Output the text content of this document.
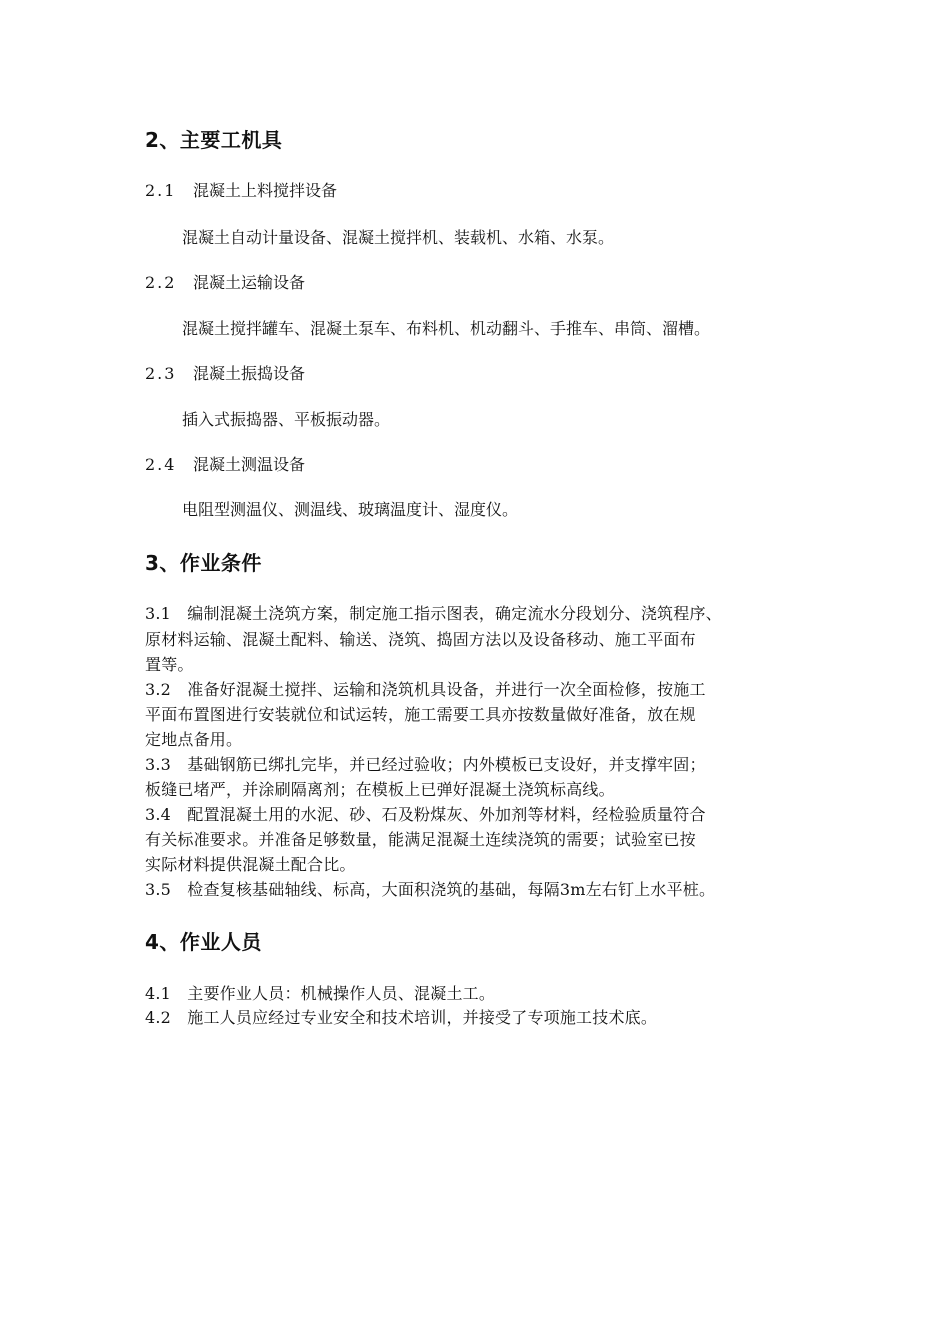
2、主要工机具
2.1 混凝土上料搅拌设备
混凝土自动计量设备、混凝土搅拌机、装载机、水箱、水泵。
2.2 混凝土运输设备
混凝土搅拌罐车、混凝土泵车、布料机、机动翻斗、手推车、串筒、溜槽。
2.3 混凝土振捣设备
插入式振捣器、平板振动器。
2.4 混凝土测温设备
电阻型测温仪、测温线、玻璃温度计、湿度仪。
3、作业条件
3.1　编制混凝土浇筑方案，制定施工指示图表，确定流水分段划分、浇筑程序、
原材料运输、混凝土配料、输送、浇筑、捣固方法以及设备移动、施工平面布
置等。
3.2　准备好混凝土搅拌、运输和浇筑机具设备，并进行一次全面检修，按施工
平面布置图进行安装就位和试运转，施工需要工具亦按数量做好准备，放在规
定地点备用。
3.3　基础钢筋已绑扎完毕，并已经过验收；内外模板已支设好，并支撑牢固；
板缝已堵严，并涂刷隔离剂；在模板上已弹好混凝土浇筑标高线。
3.4　配置混凝土用的水泥、砂、石及粉煤灰、外加剂等材料，经检验质量符合
有关标准要求。并准备足够数量，能满足混凝土连续浇筑的需要；试验室已按
实际材料提供混凝土配合比。
3.5　检查复核基础轴线、标高，大面积浇筑的基础，每隔3m左右钉上水平桩。
4、作业人员
4.1　主要作业人员：机械操作人员、混凝土工。
4.2　施工人员应经过专业安全和技术培训，并接受了专项施工技术底。
